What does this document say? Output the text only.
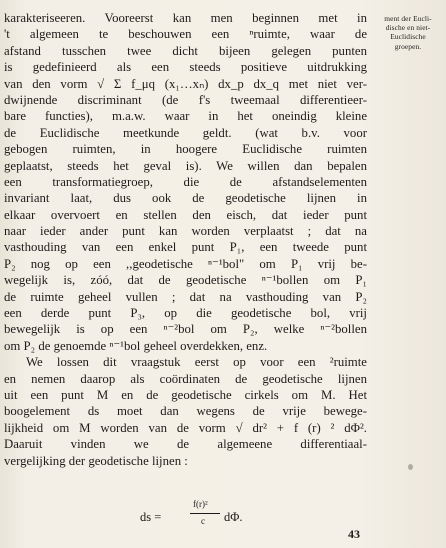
karakteriseeren. Vooreerst kan men beginnen met in
't algemeen te beschouwen een ⁿruimte, waar de
afstand tusschen twee dicht bijeen gelegen punten
is gedefinieerd als een steeds positieve uitdrukking
van den vorm √ Σ f_μq (x₁…xₙ) dx_p dx_q met niet ver-
dwijnende discriminant (de f's tweemaal differentieer-
bare functies), m.a.w. waar in het oneindig kleine
de Euclidische meetkunde geldt. (wat b.v. voor
gebogen ruimten, in hoogere Euclidische ruimten
geplaatst, steeds het geval is). We willen dan bepalen
een transformatiegroep, die de afstandselementen
invariant laat, dus ook de geodetische lijnen in
elkaar overvoert en stellen den eisch, dat ieder punt
naar ieder ander punt kan worden verplaatst ; dat na
vasthouding van een enkel punt P₁, een tweede punt
P₂ nog op een ,,geodetische ⁿ⁻¹bol" om P₁ vrij be-
wegelijk is, zóó, dat de geodetische ⁿ⁻¹bollen om P₁
de ruimte geheel vullen ; dat na vasthouding van P₂
een derde punt P₃, op die geodetische bol, vrij
bewegelijk is op een ⁿ⁻²bol om P₂, welke ⁿ⁻²bollen
om P₂ de genoemde ⁿ⁻¹bol geheel overdekken, enz.
We lossen dit vraagstuk eerst op voor een ²ruimte
en nemen daarop als coördinaten de geodetische lijnen
uit een punt M en de geodetische cirkels om M. Het
boogelement ds moet dan wegens de vrije bewege-
lijkheid om M worden van de vorm √ dr² + f (r) ² dΦ².
Daaruit vinden we de algemeene differentiaal-
vergelijking der geodetische lijnen :
ment der Eucli-
dische en niet-
Euclidische
groepen.
ds =
f(r)²
c dΦ.
43
